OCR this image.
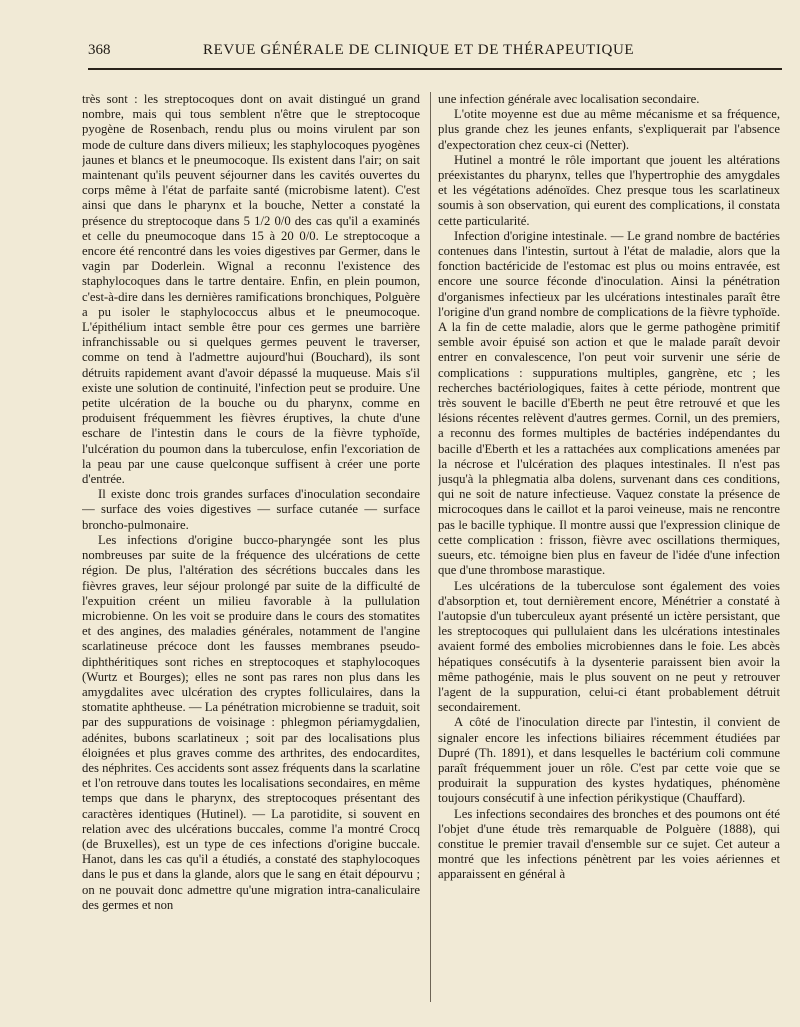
368	REVUE GÉNÉRALE DE CLINIQUE ET DE THÉRAPEUTIQUE

très sont : les streptocoques dont on avait distingué un grand nombre, mais qui tous semblent n'être que le streptocoque pyogène de Rosenbach, rendu plus ou moins virulent par son mode de culture dans divers milieux; les staphylocoques pyogènes jaunes et blancs et le pneumocoque. Ils existent dans l'air; on sait maintenant qu'ils peuvent séjourner dans les cavités ouvertes du corps même à l'état de parfaite santé (microbisme latent). C'est ainsi que dans le pharynx et la bouche, Netter a constaté la présence du streptocoque dans 5 1/2 0/0 des cas qu'il a examinés et celle du pneumocoque dans 15 à 20 0/0. Le streptocoque a encore été rencontré dans les voies digestives par Germer, dans le vagin par Doderlein. Wignal a reconnu l'existence des staphylocoques dans le tartre dentaire. Enfin, en plein poumon, c'est-à-dire dans les dernières ramifications bronchiques, Polguère a pu isoler le staphylococcus albus et le pneumocoque. L'épithélium intact semble être pour ces germes une barrière infranchissable ou si quelques germes peuvent le traverser, comme on tend à l'admettre aujourd'hui (Bouchard), ils sont détruits rapidement avant d'avoir dépassé la muqueuse. Mais s'il existe une solution de continuité, l'infection peut se produire. Une petite ulcération de la bouche ou du pharynx, comme en produisent fréquemment les fièvres éruptives, la chute d'une eschare de l'intestin dans le cours de la fièvre typhoïde, l'ulcération du poumon dans la tuberculose, enfin l'excoriation de la peau par une cause quelconque suffisent à créer une porte d'entrée.

Il existe donc trois grandes surfaces d'inoculation secondaire — surface des voies digestives — surface cutanée — surface broncho-pulmonaire.

Les infections d'origine bucco-pharyngée sont les plus nombreuses par suite de la fréquence des ulcérations de cette région. De plus, l'altération des sécrétions buccales dans les fièvres graves, leur séjour prolongé par suite de la difficulté de l'expuition créent un milieu favorable à la pullulation microbienne. On les voit se produire dans le cours des stomatites et des angines, des maladies générales, notamment de l'angine scarlatineuse précoce dont les fausses membranes pseudo-diphthéritiques sont riches en streptocoques et staphylocoques (Wurtz et Bourges); elles ne sont pas rares non plus dans les amygdalites avec ulcération des cryptes folliculaires, dans la stomatite aphtheuse. — La pénétration microbienne se traduit, soit par des suppurations de voisinage : phlegmon périamygdalien, adénites, bubons scarlatineux ; soit par des localisations plus éloignées et plus graves comme des arthrites, des endocardites, des néphrites. Ces accidents sont assez fréquents dans la scarlatine et l'on retrouve dans toutes les localisations secondaires, en même temps que dans le pharynx, des streptocoques présentant des caractères identiques (Hutinel). — La parotidite, si souvent en relation avec des ulcérations buccales, comme l'a montré Crocq (de Bruxelles), est un type de ces infections d'origine buccale. Hanot, dans les cas qu'il a étudiés, a constaté des staphylocoques dans le pus et dans la glande, alors que le sang en était dépourvu ; on ne pouvait donc admettre qu'une migration intra-canaliculaire des germes et non

une infection générale avec localisation secondaire.

L'otite moyenne est due au même mécanisme et sa fréquence, plus grande chez les jeunes enfants, s'expliquerait par l'absence d'expectoration chez ceux-ci (Netter).

Hutinel a montré le rôle important que jouent les altérations préexistantes du pharynx, telles que l'hypertrophie des amygdales et les végétations adénoïdes. Chez presque tous les scarlatineux soumis à son observation, qui eurent des complications, il constata cette particularité.

Infection d'origine intestinale. — Le grand nombre de bactéries contenues dans l'intestin, surtout à l'état de maladie, alors que la fonction bactéricide de l'estomac est plus ou moins entravée, est encore une source féconde d'inoculation. Ainsi la pénétration d'organismes infectieux par les ulcérations intestinales paraît être l'origine d'un grand nombre de complications de la fièvre typhoïde. A la fin de cette maladie, alors que le germe pathogène primitif semble avoir épuisé son action et que le malade paraît devoir entrer en convalescence, l'on peut voir survenir une série de complications : suppurations multiples, gangrène, etc ; les recherches bactériologiques, faites à cette période, montrent que très souvent le bacille d'Eberth ne peut être retrouvé et que les lésions récentes relèvent d'autres germes. Cornil, un des premiers, a reconnu des formes multiples de bactéries indépendantes du bacille d'Eberth et les a rattachées aux complications amenées par la nécrose et l'ulcération des plaques intestinales. Il n'est pas jusqu'à la phlegmatia alba dolens, survenant dans ces conditions, qui ne soit de nature infectieuse. Vaquez constate la présence de microcoques dans le caillot et la paroi veineuse, mais ne rencontre pas le bacille typhique. Il montre aussi que l'expression clinique de cette complication : frisson, fièvre avec oscillations thermiques, sueurs, etc. témoigne bien plus en faveur de l'idée d'une infection que d'une thrombose marastique.

Les ulcérations de la tuberculose sont également des voies d'absorption et, tout dernièrement encore, Ménétrier a constaté à l'autopsie d'un tuberculeux ayant présenté un ictère persistant, que les streptocoques qui pullulaient dans les ulcérations intestinales avaient formé des embolies microbiennes dans le foie. Les abcès hépatiques consécutifs à la dysenterie paraissent bien avoir la même pathogénie, mais le plus souvent on ne peut y retrouver l'agent de la suppuration, celui-ci étant probablement détruit secondairement.

A côté de l'inoculation directe par l'intestin, il convient de signaler encore les infections biliaires récemment étudiées par Dupré (Th. 1891), et dans lesquelles le bactérium coli commune paraît fréquemment jouer un rôle. C'est par cette voie que se produirait la suppuration des kystes hydatiques, phénomène toujours consécutif à une infection périkystique (Chauffard).

Les infections secondaires des bronches et des poumons ont été l'objet d'une étude très remarquable de Polguère (1888), qui constitue le premier travail d'ensemble sur ce sujet. Cet auteur a montré que les infections pénètrent par les voies aériennes et apparaissent en général à
